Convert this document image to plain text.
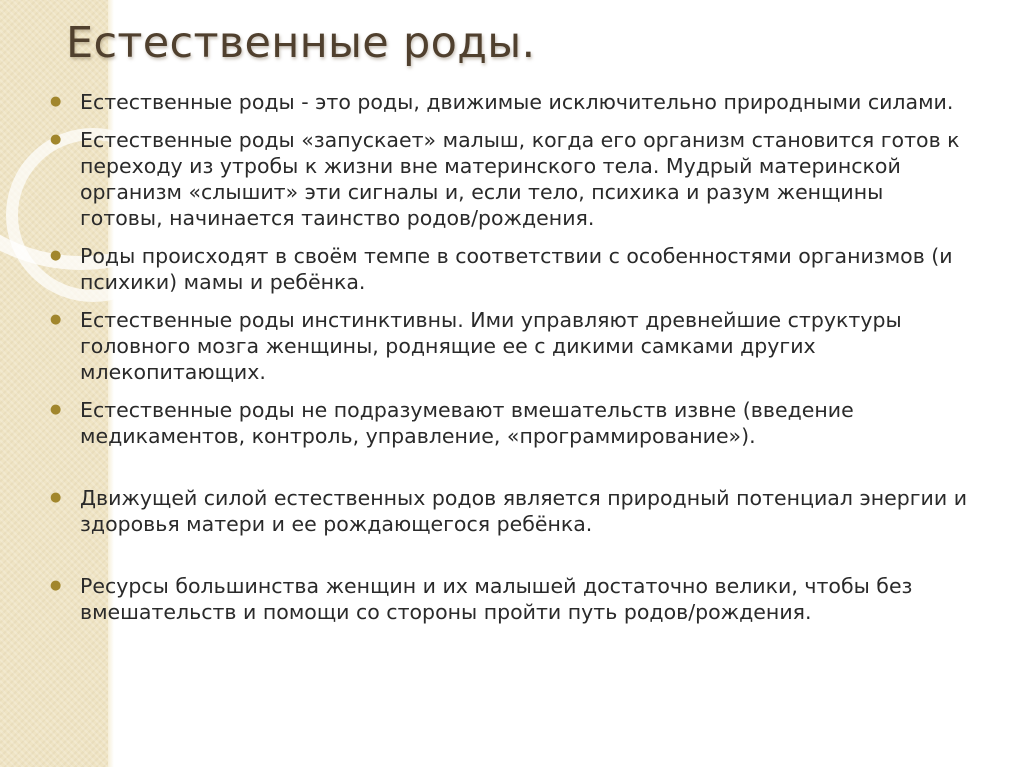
Естественные роды.
● Естественные роды - это роды, движимые исключительно природными силами.
● Естественные роды «запускает» малыш, когда его организм становится готов к переходу из утробы к жизни вне материнского тела. Мудрый материнской организм «слышит» эти сигналы и, если тело, психика и разум женщины готовы, начинается таинство родов/рождения.
● Роды происходят в своём темпе в соответствии с особенностями организмов (и психики) мамы и ребёнка.
● Естественные роды инстинктивны. Ими управляют древнейшие структуры головного мозга женщины, роднящие ее с дикими самками других млекопитающих.
● Естественные роды не подразумевают вмешательств извне (введение медикаментов, контроль, управление, «программирование»).
● Движущей силой естественных родов является природный потенциал энергии и здоровья матери и ее рождающегося ребёнка.
● Ресурсы большинства женщин и их малышей достаточно велики, чтобы без вмешательств и помощи со стороны пройти путь родов/рождения.
